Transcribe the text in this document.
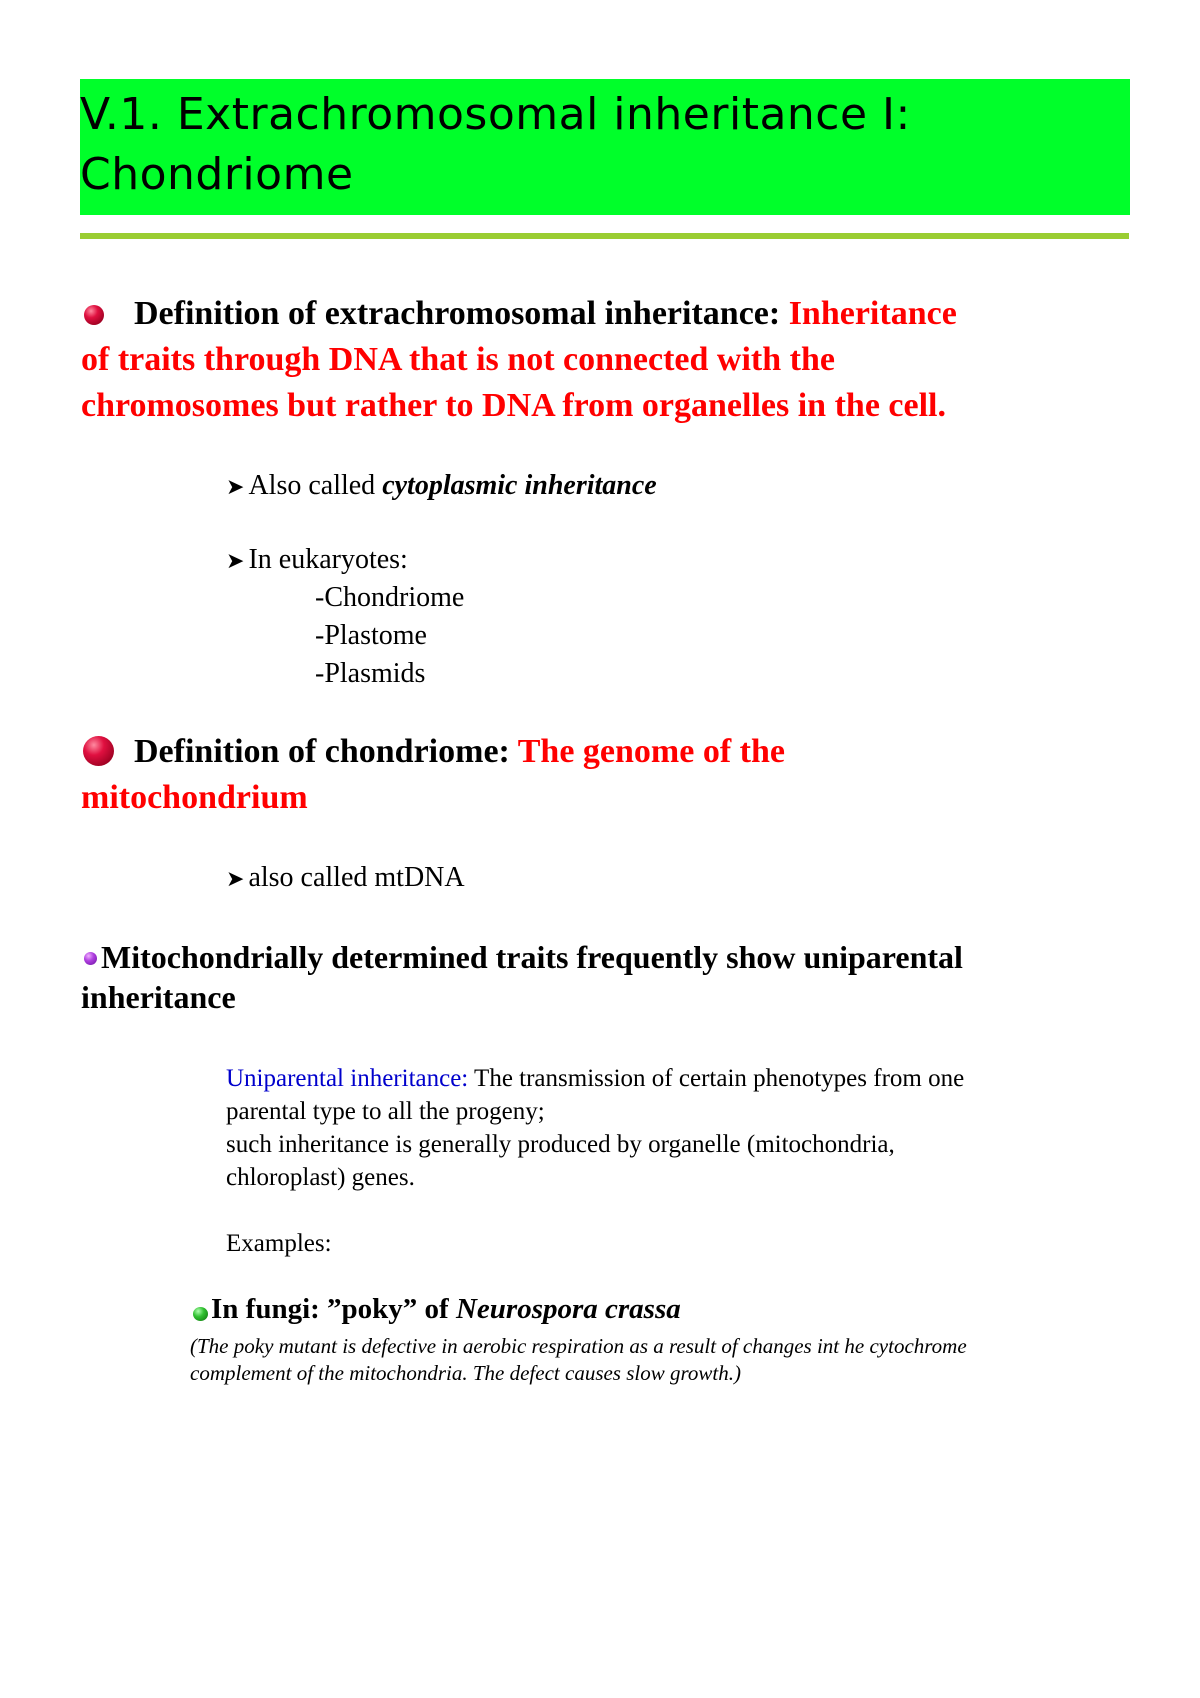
V.1. Extrachromosomal inheritance I:
Chondriome
Definition of extrachromosomal inheritance: Inheritance
of traits through DNA that is not connected with the
chromosomes but rather to DNA from organelles in the cell.
➤ Also called cytoplasmic inheritance
➤ In eukaryotes:
-Chondriome
-Plastome
-Plasmids
Definition of chondriome: The genome of the
mitochondrium
➤ also called mtDNA
Mitochondrially determined traits frequently show uniparental
inheritance
Uniparental inheritance: The transmission of certain phenotypes from one
parental type to all the progeny;
such inheritance is generally produced by organelle (mitochondria,
chloroplast) genes.
Examples:
In fungi: ”poky” of Neurospora crassa
(The poky mutant is defective in aerobic respiration as a result of changes int he cytochrome
complement of the mitochondria. The defect causes slow growth.)
